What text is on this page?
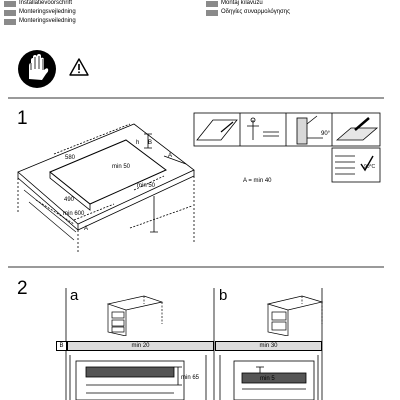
Installatievoorschrift
Monteringsvejledning
Monteringsveiledning
Montaj kılavuzu
Οδηγίες συναρμολόγησης
1
580
490
min 50
min 50
min 600
h B
A
A
90°
90°C
A = min 40
2	a	b
B	min 20	min 30
min 65	min 5
